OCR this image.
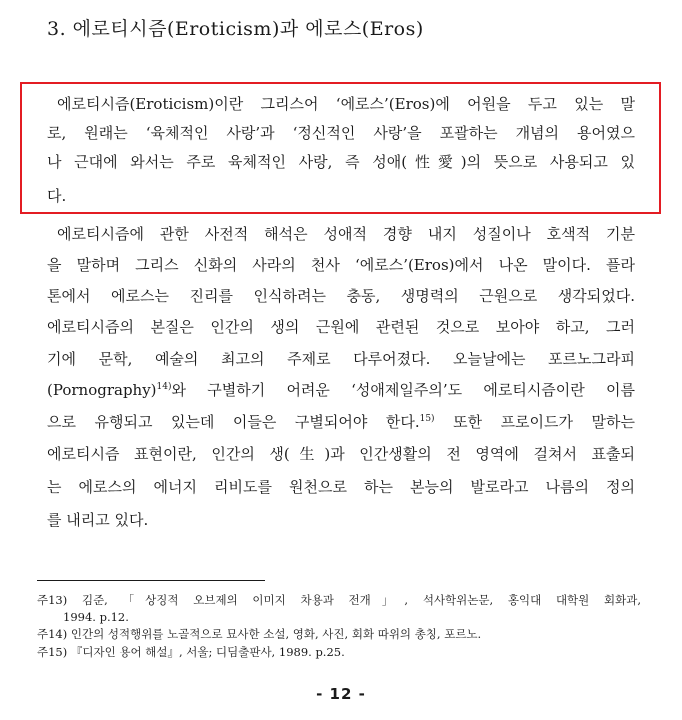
3. 에로티시즘(Eroticism)과 에로스(Eros)
에로티시즘(Eroticism)이란 그리스어 ‘에로스’(Eros)에 어원을 두고 있는 말
로, 원래는 ‘육체적인 사랑’과 ‘정신적인 사랑’을 포괄하는 개념의 용어였으
나 근대에 와서는 주로 육체적인 사랑, 즉 성애(性愛)의 뜻으로 사용되고 있
다.
에로티시즘에 관한 사전적 해석은 성애적 경향 내지 성질이나 호색적 기분
을 말하며 그리스 신화의 사라의 천사 ‘에로스’(Eros)에서 나온 말이다. 플라
톤에서 에로스는 진리를 인식하려는 충동, 생명력의 근원으로 생각되었다.
에로티시즘의 본질은 인간의 생의 근원에 관련된 것으로 보아야 하고, 그러
기에 문학, 예술의 최고의 주제로 다루어졌다. 오늘날에는 포르노그라피
(Pornography)$^{14)}$와 구별하기 어려운 ‘성애제일주의’도 에로티시즘이란 이름
으로 유행되고 있는데 이들은 구별되어야 한다.$^{15)}$ 또한 프로이드가 말하는
에로티시즘 표현이란, 인간의 생(生)과 인간생활의 전 영역에 걸쳐서 표출되
는 에로스의 에너지 리비도를 원천으로 하는 본능의 발로라고 나름의 정의
를 내리고 있다.
주13) 김준, 「상징적 오브제의 이미지 차용과 전개」, 석사학위논문, 홍익대 대학원 회화과,
1994. p.12.
주14) 인간의 성적행위를 노골적으로 묘사한 소설, 영화, 사진, 회화 따위의 총칭, 포르노.
주15) 『디자인 용어 해설』, 서울; 디딤출판사, 1989. p.25.
- 12 -
